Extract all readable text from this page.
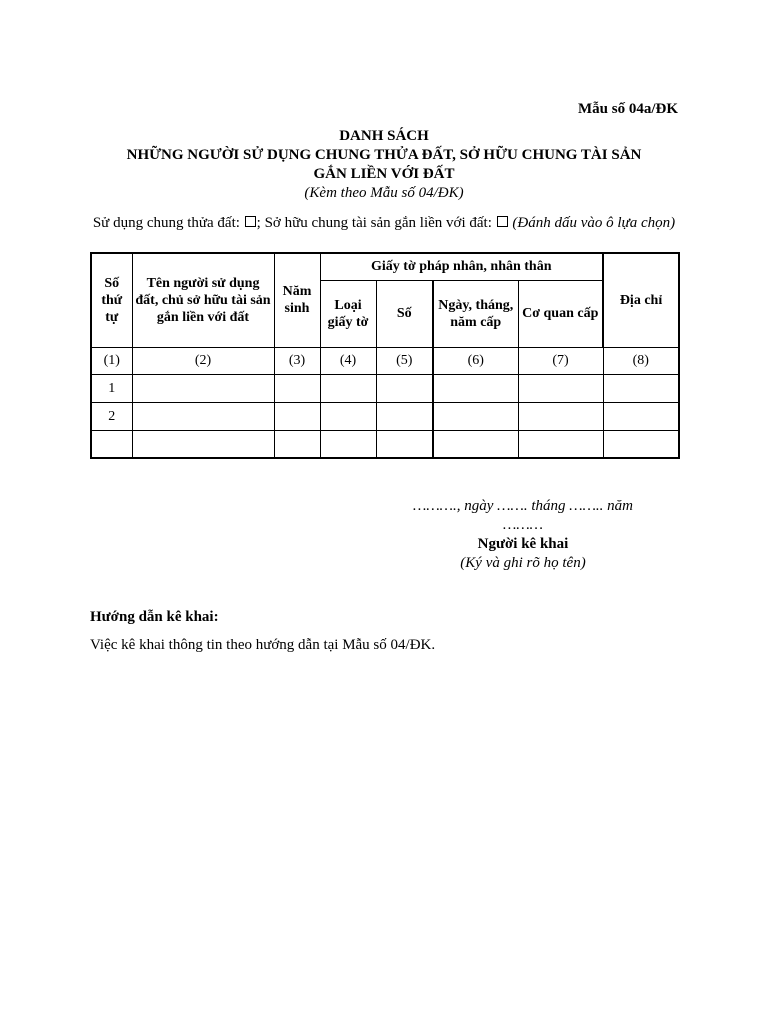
Mẫu số 04a/ĐK
DANH SÁCH
NHỮNG NGƯỜI SỬ DỤNG CHUNG THỬA ĐẤT, SỞ HỮU CHUNG TÀI SẢN
GẮN LIỀN VỚI ĐẤT
(Kèm theo Mẫu số 04/ĐK)
Sử dụng chung thửa đất: ; Sở hữu chung tài sản gắn liền với đất: (Đánh dấu vào ô lựa chọn)
Số thứ tự	Tên người sử dụng đất, chủ sở hữu tài sản gắn liền với đất	Năm sinh	Giấy tờ pháp nhân, nhân thân				Địa chỉ
			Loại giấy tờ	Số	Ngày, tháng, năm cấp	Cơ quan cấp	
(1)	(2)	(3)	(4)	(5)	(6)	(7)	(8)
1							
2							

………., ngày ……. tháng …….. năm
………
Người kê khai
(Ký và ghi rõ họ tên)
Hướng dẫn kê khai:
Việc kê khai thông tin theo hướng dẫn tại Mẫu số 04/ĐK.
